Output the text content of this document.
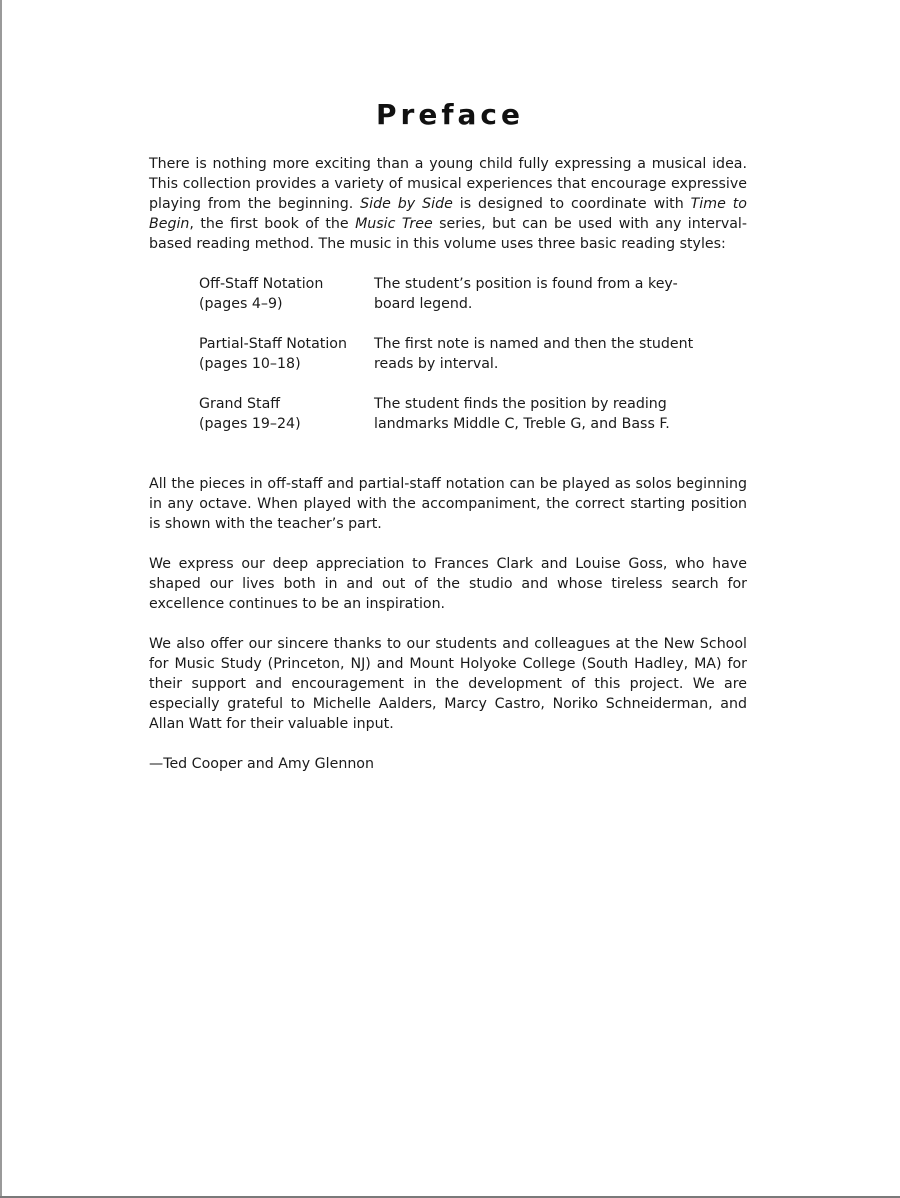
Preface

There is nothing more exciting than a young child fully expressing a musical idea. This collection provides a variety of musical experiences that encourage expressive playing from the beginning. Side by Side is designed to coordinate with Time to Begin, the first book of the Music Tree series, but can be used with any interval-based reading method. The music in this volume uses three basic reading styles:

Off-Staff Notation
(pages 4–9)
The student’s position is found from a key-
board legend.
Partial-Staff Notation
(pages 10–18)
The first note is named and then the student
reads by interval.
Grand Staff
(pages 19–24)
The student finds the position by reading
landmarks Middle C, Treble G, and Bass F.

All the pieces in off-staff and partial-staff notation can be played as solos beginning in any octave. When played with the accompaniment, the correct starting position is shown with the teacher’s part.

We express our deep appreciation to Frances Clark and Louise Goss, who have shaped our lives both in and out of the studio and whose tireless search for excellence continues to be an inspiration.

We also offer our sincere thanks to our students and colleagues at the New School for Music Study (Princeton, NJ) and Mount Holyoke College (South Hadley, MA) for their support and encouragement in the development of this project. We are especially grateful to Michelle Aalders, Marcy Castro, Noriko Schneiderman, and Allan Watt for their valuable input.

—Ted Cooper and Amy Glennon
